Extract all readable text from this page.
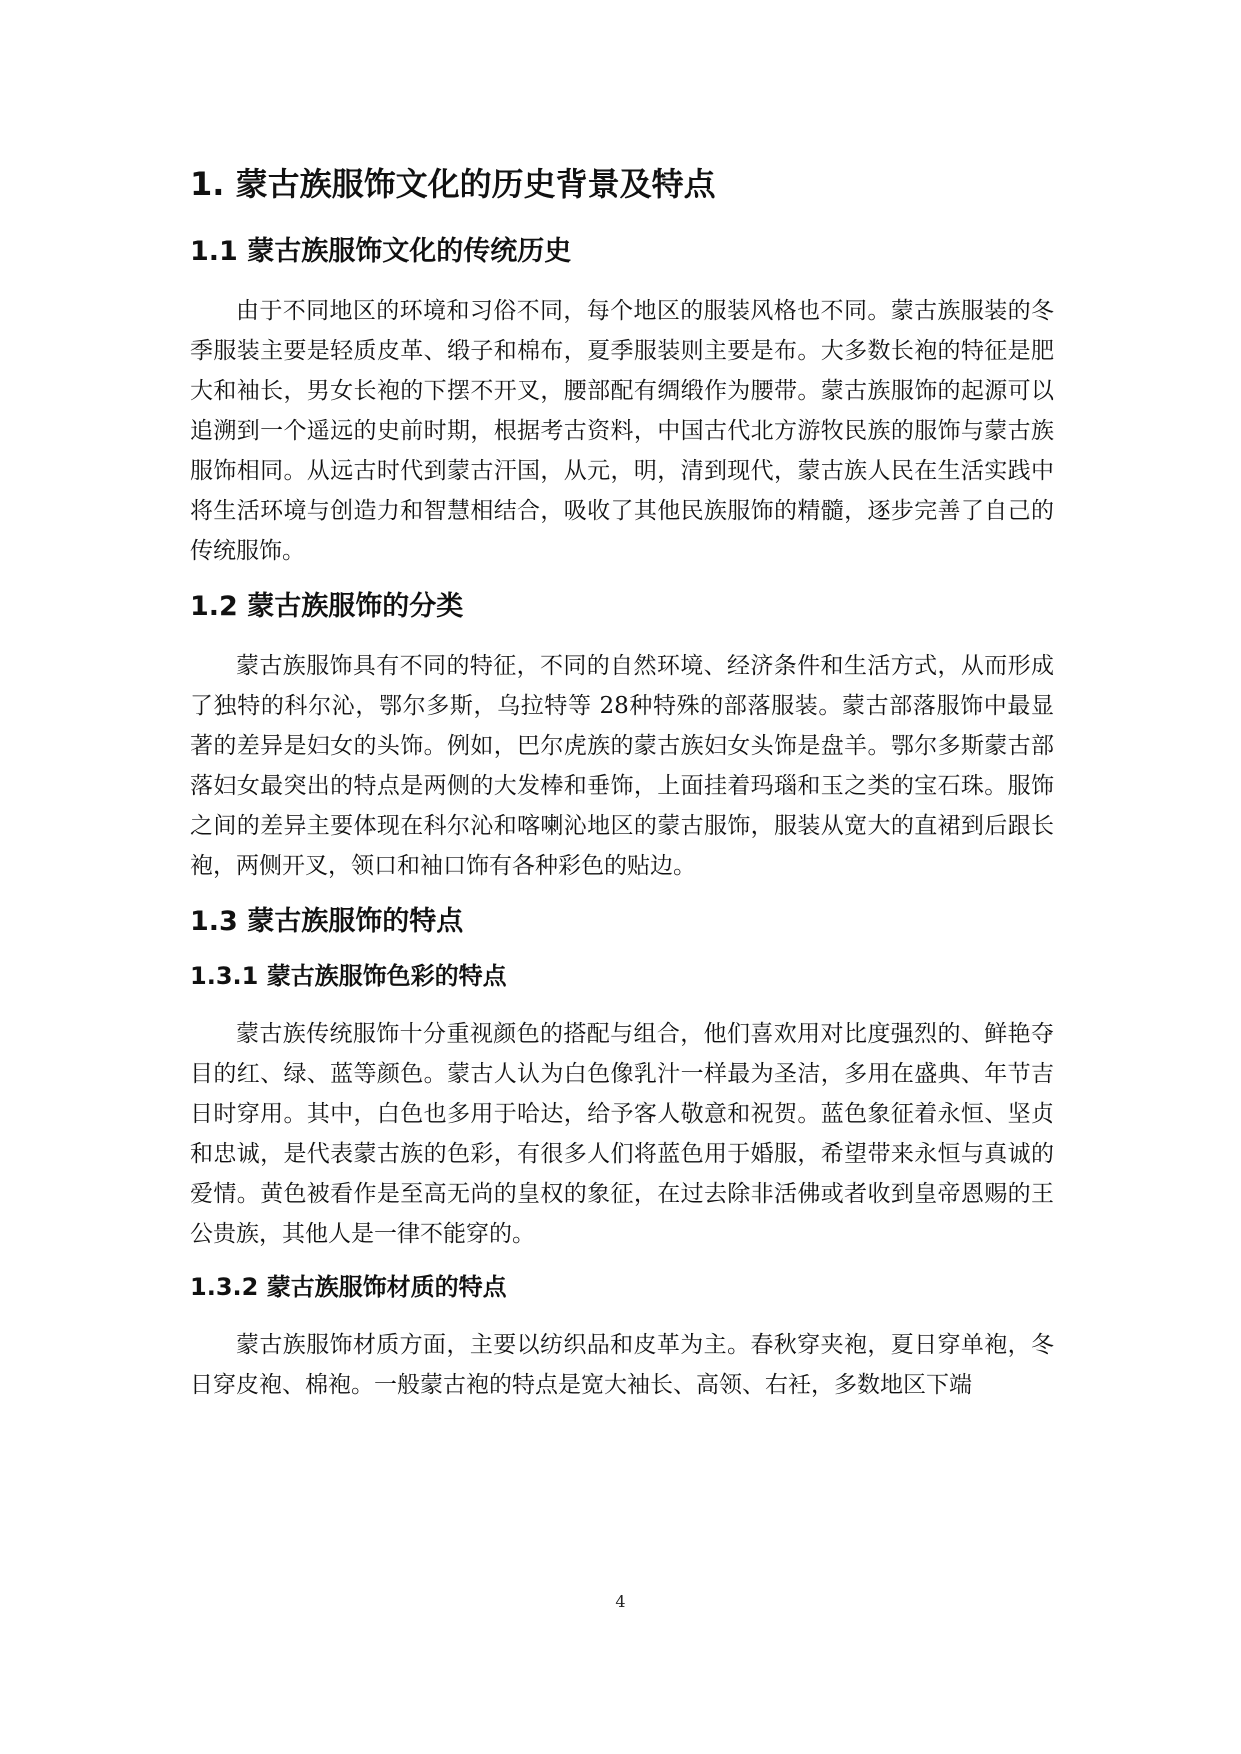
1. 蒙古族服饰文化的历史背景及特点
1.1 蒙古族服饰文化的传统历史

由于不同地区的环境和习俗不同，每个地区的服装风格也不同。蒙古族服装的冬季服装主要是轻质皮革、缎子和棉布，夏季服装则主要是布。大多数长袍的特征是肥大和袖长，男女长袍的下摆不开叉，腰部配有绸缎作为腰带。蒙古族服饰的起源可以追溯到一个遥远的史前时期，根据考古资料，中国古代北方游牧民族的服饰与蒙古族服饰相同。从远古时代到蒙古汗国，从元，明，清到现代，蒙古族人民在生活实践中将生活环境与创造力和智慧相结合，吸收了其他民族服饰的精髓，逐步完善了自己的传统服饰。

1.2 蒙古族服饰的分类

蒙古族服饰具有不同的特征，不同的自然环境、经济条件和生活方式，从而形成了独特的科尔沁，鄂尔多斯，乌拉特等 28种特殊的部落服装。蒙古部落服饰中最显著的差异是妇女的头饰。例如，巴尔虎族的蒙古族妇女头饰是盘羊。鄂尔多斯蒙古部落妇女最突出的特点是两侧的大发棒和垂饰，上面挂着玛瑙和玉之类的宝石珠。服饰之间的差异主要体现在科尔沁和喀喇沁地区的蒙古服饰，服装从宽大的直裙到后跟长袍，两侧开叉，领口和袖口饰有各种彩色的贴边。

1.3 蒙古族服饰的特点
1.3.1 蒙古族服饰色彩的特点

蒙古族传统服饰十分重视颜色的搭配与组合，他们喜欢用对比度强烈的、鲜艳夺目的红、绿、蓝等颜色。蒙古人认为白色像乳汁一样最为圣洁，多用在盛典、年节吉日时穿用。其中，白色也多用于哈达，给予客人敬意和祝贺。蓝色象征着永恒、坚贞和忠诚，是代表蒙古族的色彩，有很多人们将蓝色用于婚服，希望带来永恒与真诚的爱情。黄色被看作是至高无尚的皇权的象征，在过去除非活佛或者收到皇帝恩赐的王公贵族，其他人是一律不能穿的。

1.3.2 蒙古族服饰材质的特点

蒙古族服饰材质方面，主要以纺织品和皮革为主。春秋穿夹袍，夏日穿单袍，冬日穿皮袍、棉袍。一般蒙古袍的特点是宽大袖长、高领、右衽，多数地区下端

4
